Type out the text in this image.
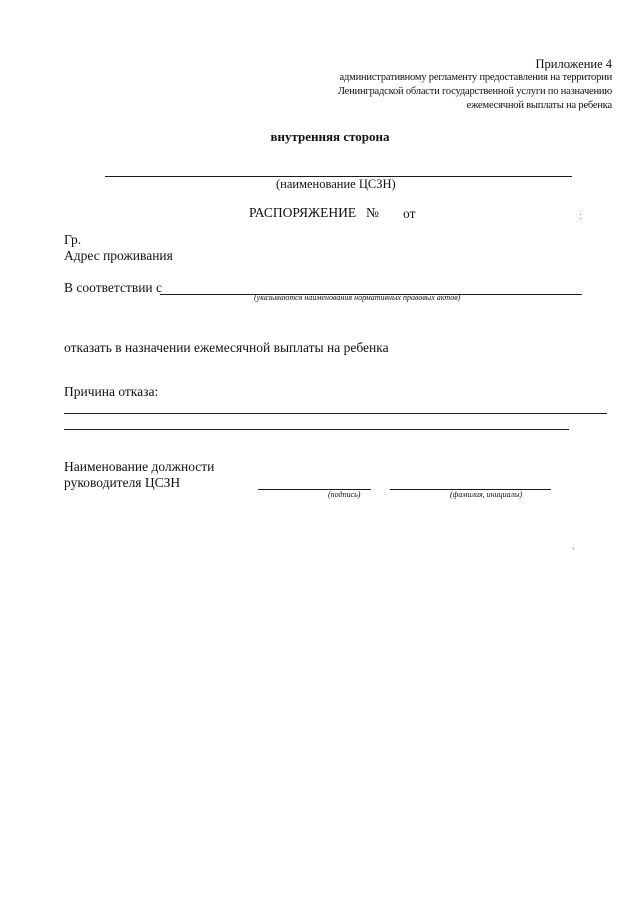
Приложение 4
административному регламенту предоставления на территории
Ленинградской области государственной услуги по назначению
ежемесячной выплаты на ребенка
внутренняя сторона
(наименование ЦСЗН)
РАСПОРЯЖЕНИЕ № от
Гр.
Адрес проживания
В соответствии с
(указываются наименования нормативных правовых актов)
отказать в назначении ежемесячной выплаты на ребенка
Причина отказа:
Наименование должности
руководителя ЦСЗН
(подпись)	(фамилия, инициалы)
